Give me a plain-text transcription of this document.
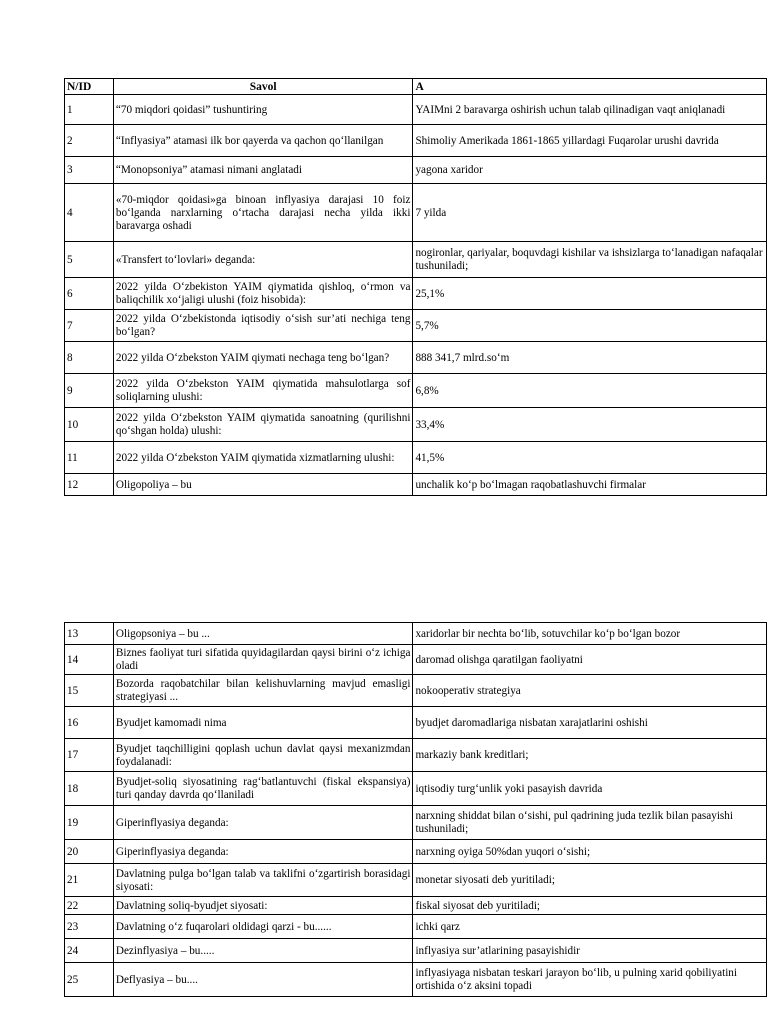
N/ID	Savol	A
1	“70 miqdori qoidasi” tushuntiring	YAIMni 2 baravarga oshirish uchun talab qilinadigan vaqt aniqlanadi
2	“Inflyasiya” atamasi ilk bor qayerda va qachon qo‘llanilgan	Shimoliy Amerikada 1861-1865 yillardagi Fuqarolar urushi davrida
3	“Monopsoniya” atamasi nimani anglatadi	yagona xaridor
4	«70-miqdor qoidasi»ga binoan inflyasiya darajasi 10 foiz bo‘lganda narxlarning o‘rtacha darajasi necha yilda ikki baravarga oshadi	7 yilda
5	«Transfert to‘lovlari» deganda:	nogironlar, qariyalar, boquvdagi kishilar va ishsizlarga to‘lanadigan nafaqalar tushuniladi;
6	2022 yilda O‘zbekiston YAIM qiymatida qishloq, o‘rmon va baliqchilik xo‘jaligi ulushi (foiz hisobida):	25,1%
7	2022 yilda O‘zbekistonda iqtisodiy o‘sish sur’ati nechiga teng bo‘lgan?	5,7%
8	2022 yilda O‘zbekston YAIM qiymati nechaga teng bo‘lgan?	888 341,7 mlrd.so‘m
9	2022 yilda O‘zbekston YAIM qiymatida mahsulotlarga sof soliqlarning ulushi:	6,8%
10	2022 yilda O‘zbekston YAIM qiymatida sanoatning (qurilishni qo‘shgan holda) ulushi:	33,4%
11	2022 yilda O‘zbekston YAIM qiymatida xizmatlarning ulushi:	41,5%
12	Oligopoliya – bu	unchalik ko‘p bo‘lmagan raqobatlashuvchi firmalar
13	Oligopsoniya – bu ...	xaridorlar bir nechta bo‘lib, sotuvchilar ko‘p bo‘lgan bozor
14	Biznes faoliyat turi sifatida quyidagilardan qaysi birini o‘z ichiga oladi	daromad olishga qaratilgan faoliyatni
15	Bozorda raqobatchilar bilan kelishuvlarning mavjud emasligi strategiyasi ...	nokooperativ strategiya
16	Byudjet kamomadi nima	byudjet daromadlariga nisbatan xarajatlarini oshishi
17	Byudjet taqchilligini qoplash uchun davlat qaysi mexanizmdan foydalanadi:	markaziy bank kreditlari;
18	Byudjet-soliq siyosatining rag‘batlantuvchi (fiskal ekspansiya) turi qanday davrda qo‘llaniladi	iqtisodiy turg‘unlik yoki pasayish davrida
19	Giperinflyasiya deganda:	narxning shiddat bilan o‘sishi, pul qadrining juda tezlik bilan pasayishi tushuniladi;
20	Giperinflyasiya deganda:	narxning oyiga 50%dan yuqori o‘sishi;
21	Davlatning pulga bo‘lgan talab va taklifni o‘zgartirish borasidagi siyosati:	monetar siyosati deb yuritiladi;
22	Davlatning soliq-byudjet siyosati:	fiskal siyosat deb yuritiladi;
23	Davlatning o‘z fuqarolari oldidagi qarzi - bu......	ichki qarz
24	Dezinflyasiya – bu.....	inflyasiya sur’atlarining pasayishidir
25	Deflyasiya – bu....	inflyasiyaga nisbatan teskari jarayon bo‘lib, u pulning xarid qobiliyatini ortishida o‘z aksini topadi
